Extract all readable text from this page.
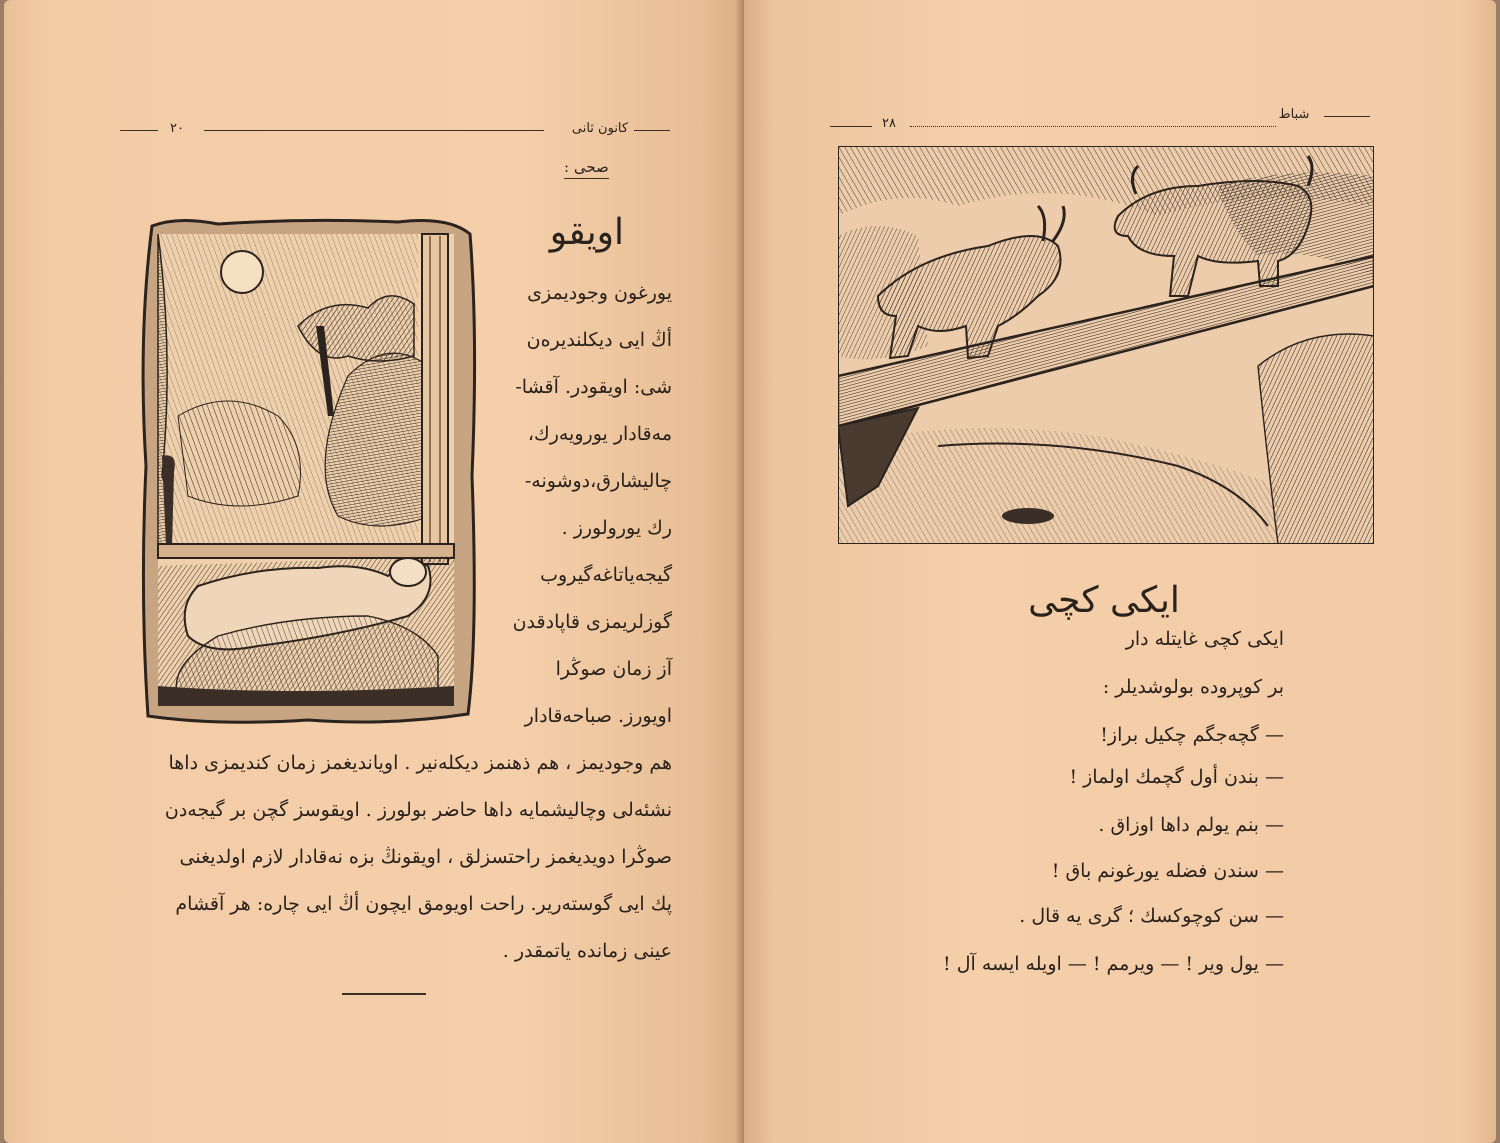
٢٠	كانون ثانى
صحى :
اويقو
يورغون وجوديمزى
أڭ ايى ديكلنديرەن
شى: اويقودر. آقشا-
مەقادار يورويەرك،
چاليشارق،دوشونە-
رك يورولورز .
گيجەياتاغەگيروب
گوزلريمزى قاپادقدن
آز زمان صوڭرا
اويورز. صباحەقادار
هم وجوديمز ، هم ذهنمز ديكلەنير . اويانديغمز زمان كنديمزى داها
نشئەلى وچاليشمايە داها حاضر بولورز . اويقوسز گچن بر گيجەدن
صوڭرا دويديغمز راحتسزلق ، اويقونڭ بزه نەقادار لازم اولديغنى
پك ايى گوستەرير. راحت اويومق ايچون أڭ ايى چارە: هر آقشام
عينى زماندە ياتمقدر .
٢٨
شباط
ايكى كچى
ايكى كچى غايتلە دار
بر كوپرودە بولوشديلر :
— گچەجگم چكيل براز!
— بندن أول گچمك اولماز !
— بنم يولم داها اوزاق .
— سندن فضلە يورغونم باق !
— سن كوچوكسك ؛ گرى يە قال .
— يول وير ! — ويرمم ! — اويلە ايسە آل !
